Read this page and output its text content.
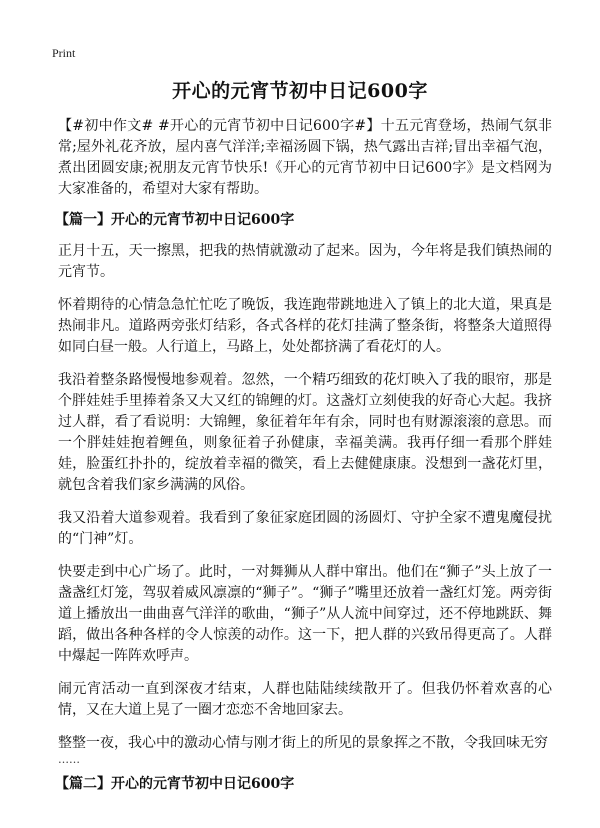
Print
开心的元宵节初中日记600字

【#初中作文# #开心的元宵节初中日记600字#】十五元宵登场，热闹气氛非常;屋外礼花齐放，屋内喜气洋洋;幸福汤圆下锅，热气露出吉祥;冒出幸福气泡，煮出团圆安康;祝朋友元宵节快乐!《开心的元宵节初中日记600字》是文档网为大家准备的，希望对大家有帮助。

【篇一】开心的元宵节初中日记600字

正月十五，天一擦黑，把我的热情就激动了起来。因为，今年将是我们镇热闹的元宵节。

怀着期待的心情急急忙忙吃了晚饭，我连跑带跳地进入了镇上的北大道，果真是热闹非凡。道路两旁张灯结彩，各式各样的花灯挂满了整条街，将整条大道照得如同白昼一般。人行道上，马路上，处处都挤满了看花灯的人。

我沿着整条路慢慢地参观着。忽然，一个精巧细致的花灯映入了我的眼帘，那是个胖娃娃手里捧着条又大又红的锦鲤的灯。这盏灯立刻使我的好奇心大起。我挤过人群，看了看说明：大锦鲤，象征着年年有余，同时也有财源滚滚的意思。而一个胖娃娃抱着鲤鱼，则象征着子孙健康，幸福美满。我再仔细一看那个胖娃娃，脸蛋红扑扑的，绽放着幸福的微笑，看上去健健康康。没想到一盏花灯里，就包含着我们家乡满满的风俗。

我又沿着大道参观着。我看到了象征家庭团圆的汤圆灯、守护全家不遭鬼魔侵扰的“门神”灯。

快要走到中心广场了。此时，一对舞狮从人群中窜出。他们在“狮子”头上放了一盏盏红灯笼，驾驭着威风凛凛的“狮子”。“狮子”嘴里还放着一盏红灯笼。两旁街道上播放出一曲曲喜气洋洋的歌曲，“狮子”从人流中间穿过，还不停地跳跃、舞蹈，做出各种各样的令人惊羡的动作。这一下，把人群的兴致吊得更高了。人群中爆起一阵阵欢呼声。

闹元宵活动一直到深夜才结束，人群也陆陆续续散开了。但我仍怀着欢喜的心情，又在大道上晃了一圈才恋恋不舍地回家去。

整整一夜，我心中的激动心情与刚才街上的所见的景象挥之不散，令我回味无穷

……

【篇二】开心的元宵节初中日记600字
